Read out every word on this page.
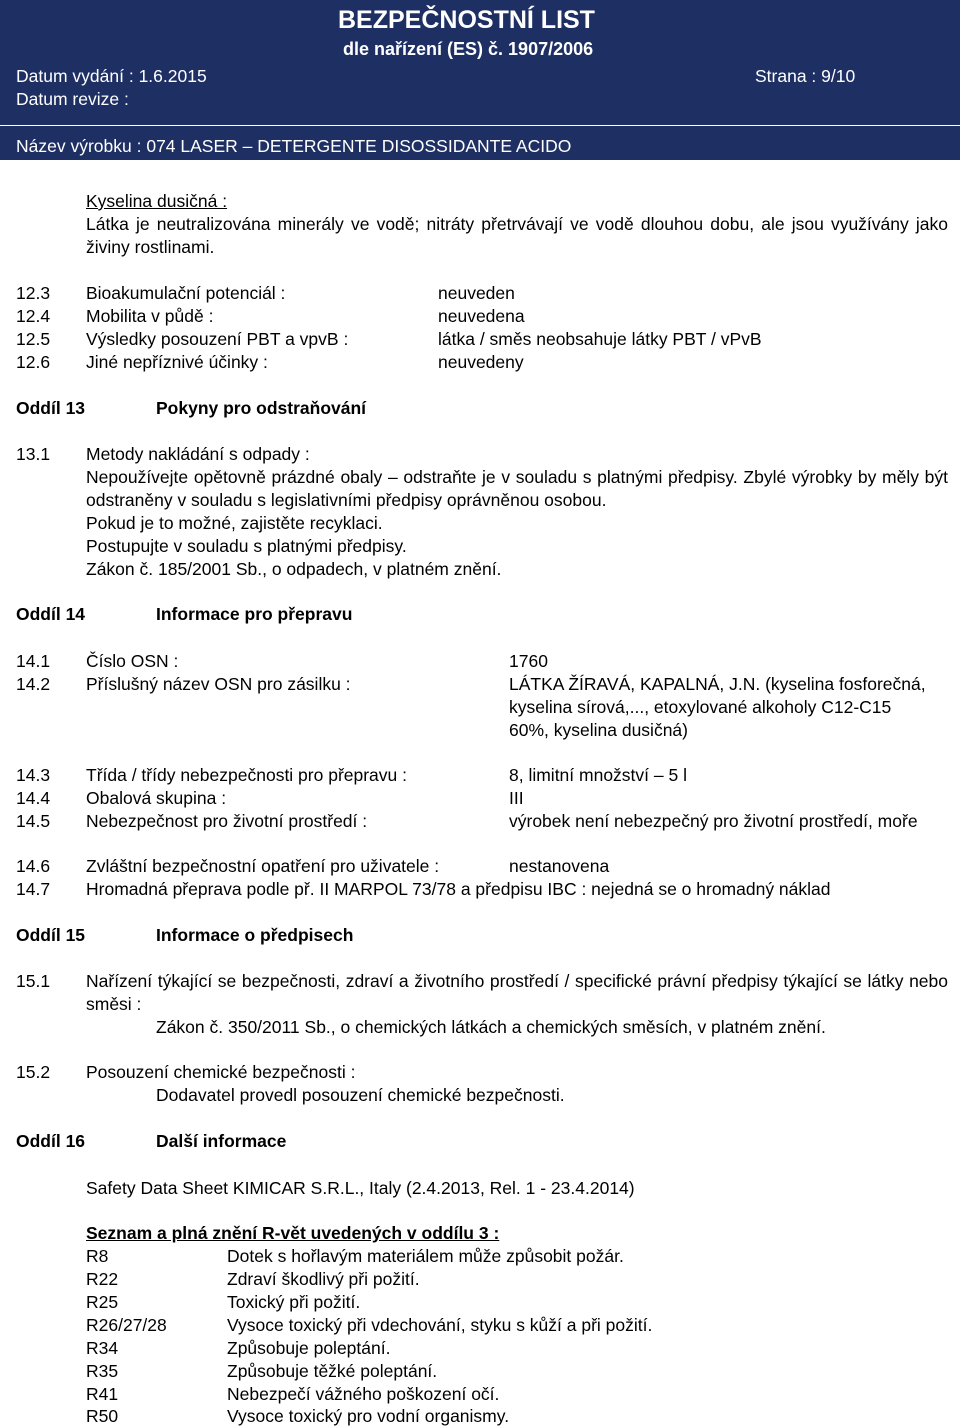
BEZPEČNOSTNÍ LIST
dle nařízení (ES) č. 1907/2006
Datum vydání : 1.6.2015	Strana : 9/10
Datum revize :
Název výrobku : 074 LASER – DETERGENTE DISOSSIDANTE ACIDO
Kyselina dusičná :
Látka je neutralizována minerály ve vodě; nitráty přetrvávají ve vodě dlouhou dobu, ale jsou využívány jako živiny rostlinami.
12.3 Bioakumulační potenciál :	neuveden
12.4 Mobilita v půdě :	neuvedena
12.5 Výsledky posouzení PBT a vpvB :	látka / směs neobsahuje látky PBT / vPvB
12.6 Jiné nepříznivé účinky :	neuvedeny
Oddíl 13	Pokyny pro odstraňování
13.1 Metody nakládání s odpady :
Nepoužívejte opětovně prázdné obaly – odstraňte je v souladu s platnými předpisy. Zbylé výrobky by měly být odstraněny v souladu s legislativními předpisy oprávněnou osobou.
Pokud je to možné, zajistěte recyklaci.
Postupujte v souladu s platnými předpisy.
Zákon č. 185/2001 Sb., o odpadech, v platném znění.
Oddíl 14	Informace pro přepravu
14.1 Číslo OSN :	1760
14.2 Příslušný název OSN pro zásilku :	LÁTKA ŽÍRAVÁ, KAPALNÁ, J.N. (kyselina fosforečná, kyselina sírová,..., etoxylované alkoholy C12-C15 60%, kyselina dusičná)
14.3 Třída / třídy nebezpečnosti pro přepravu :	8, limitní množství – 5 l
14.4 Obalová skupina :	III
14.5 Nebezpečnost pro životní prostředí :	výrobek není nebezpečný pro životní prostředí, moře
14.6 Zvláštní bezpečnostní opatření pro uživatele :	nestanovena
14.7 Hromadná přeprava podle př. II MARPOL 73/78 a předpisu IBC : nejedná se o hromadný náklad
Oddíl 15	Informace o předpisech
15.1 Nařízení týkající se bezpečnosti, zdraví a životního prostředí / specifické právní předpisy týkající se látky nebo směsi :
Zákon č. 350/2011 Sb., o chemických látkách a chemických směsích, v platném znění.
15.2 Posouzení chemické bezpečnosti :
Dodavatel provedl posouzení chemické bezpečnosti.
Oddíl 16	Další informace
Safety Data Sheet KIMICAR S.R.L., Italy (2.4.2013, Rel. 1 - 23.4.2014)
Seznam a plná znění R-vět uvedených v oddílu 3 :
R8	Dotek s hořlavým materiálem může způsobit požár.
R22	Zdraví škodlivý při požití.
R25	Toxický při požití.
R26/27/28	Vysoce toxický při vdechování, styku s kůží a při požití.
R34	Způsobuje poleptání.
R35	Způsobuje těžké poleptání.
R41	Nebezpečí vážného poškození očí.
R50	Vysoce toxický pro vodní organismy.
